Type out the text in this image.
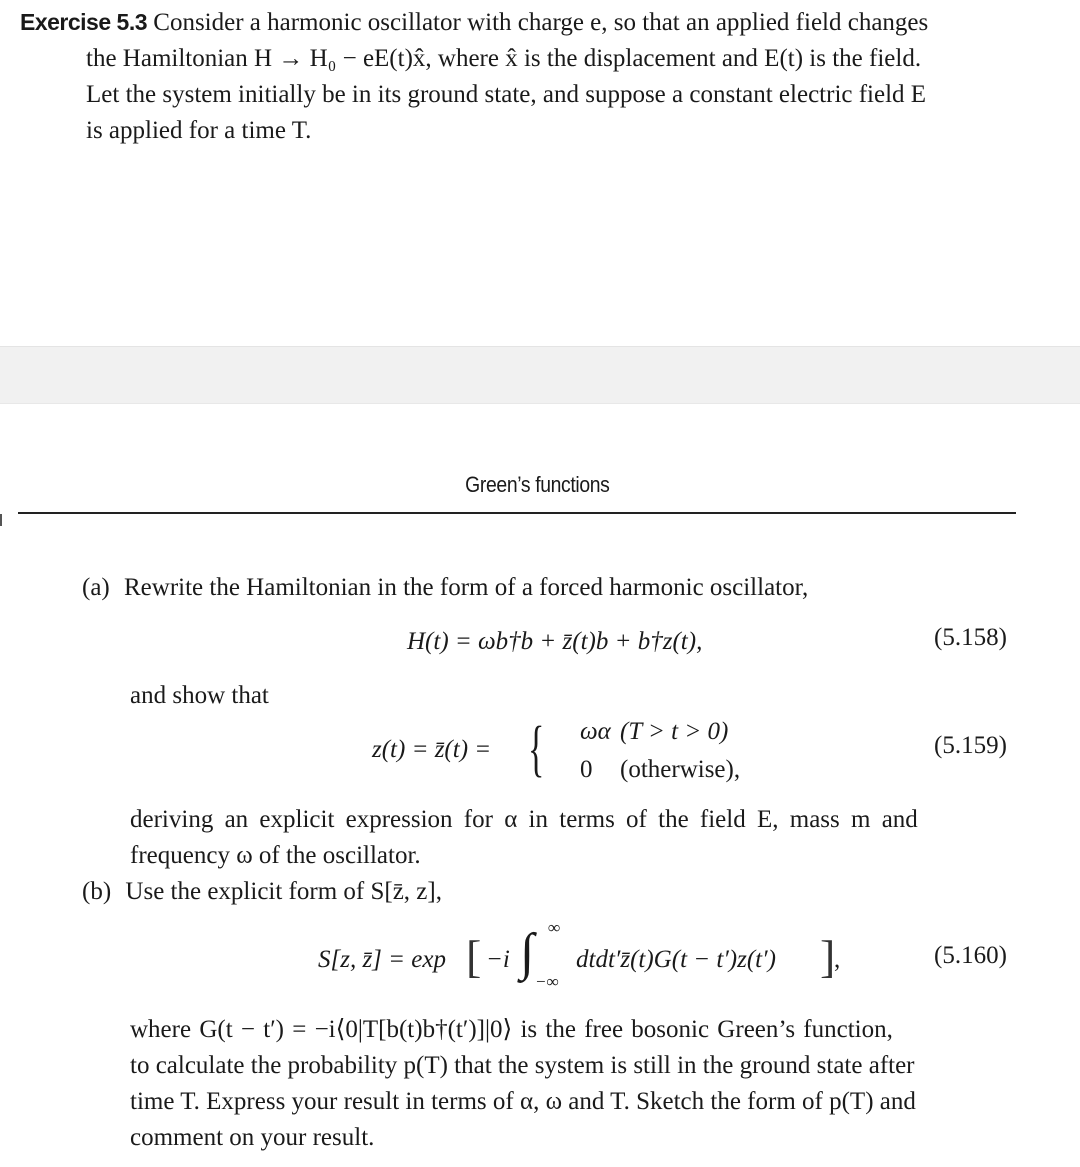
Exercise 5.3 Consider a harmonic oscillator with charge e, so that an applied field changes
the Hamiltonian H → H₀ − eE(t)x̂, where x̂ is the displacement and E(t) is the field.
Let the system initially be in its ground state, and suppose a constant electric field E
is applied for a time T.
Green’s functions
(a) Rewrite the Hamiltonian in the form of a forced harmonic oscillator,
H(t) = ωb†b + z̄(t)b + b†z(t),	(5.158)
and show that
z(t) = z̄(t) = { ωα (T > t > 0)
0 (otherwise),
(5.159)
deriving an explicit expression for α in terms of the field E, mass m and
frequency ω of the oscillator.
(b) Use the explicit form of S[z̄, z],
S[z, z̄] = exp [ −i ∫ ∞
−∞
dtdt′z̄(t)G(t − t′)z(t′) ]
,	(5.160)
where G(t − t′) = −i⟨0|T[b(t)b†(t′)]|0⟩ is the free bosonic Green’s function,
to calculate the probability p(T) that the system is still in the ground state after
time T. Express your result in terms of α, ω and T. Sketch the form of p(T) and
comment on your result.
